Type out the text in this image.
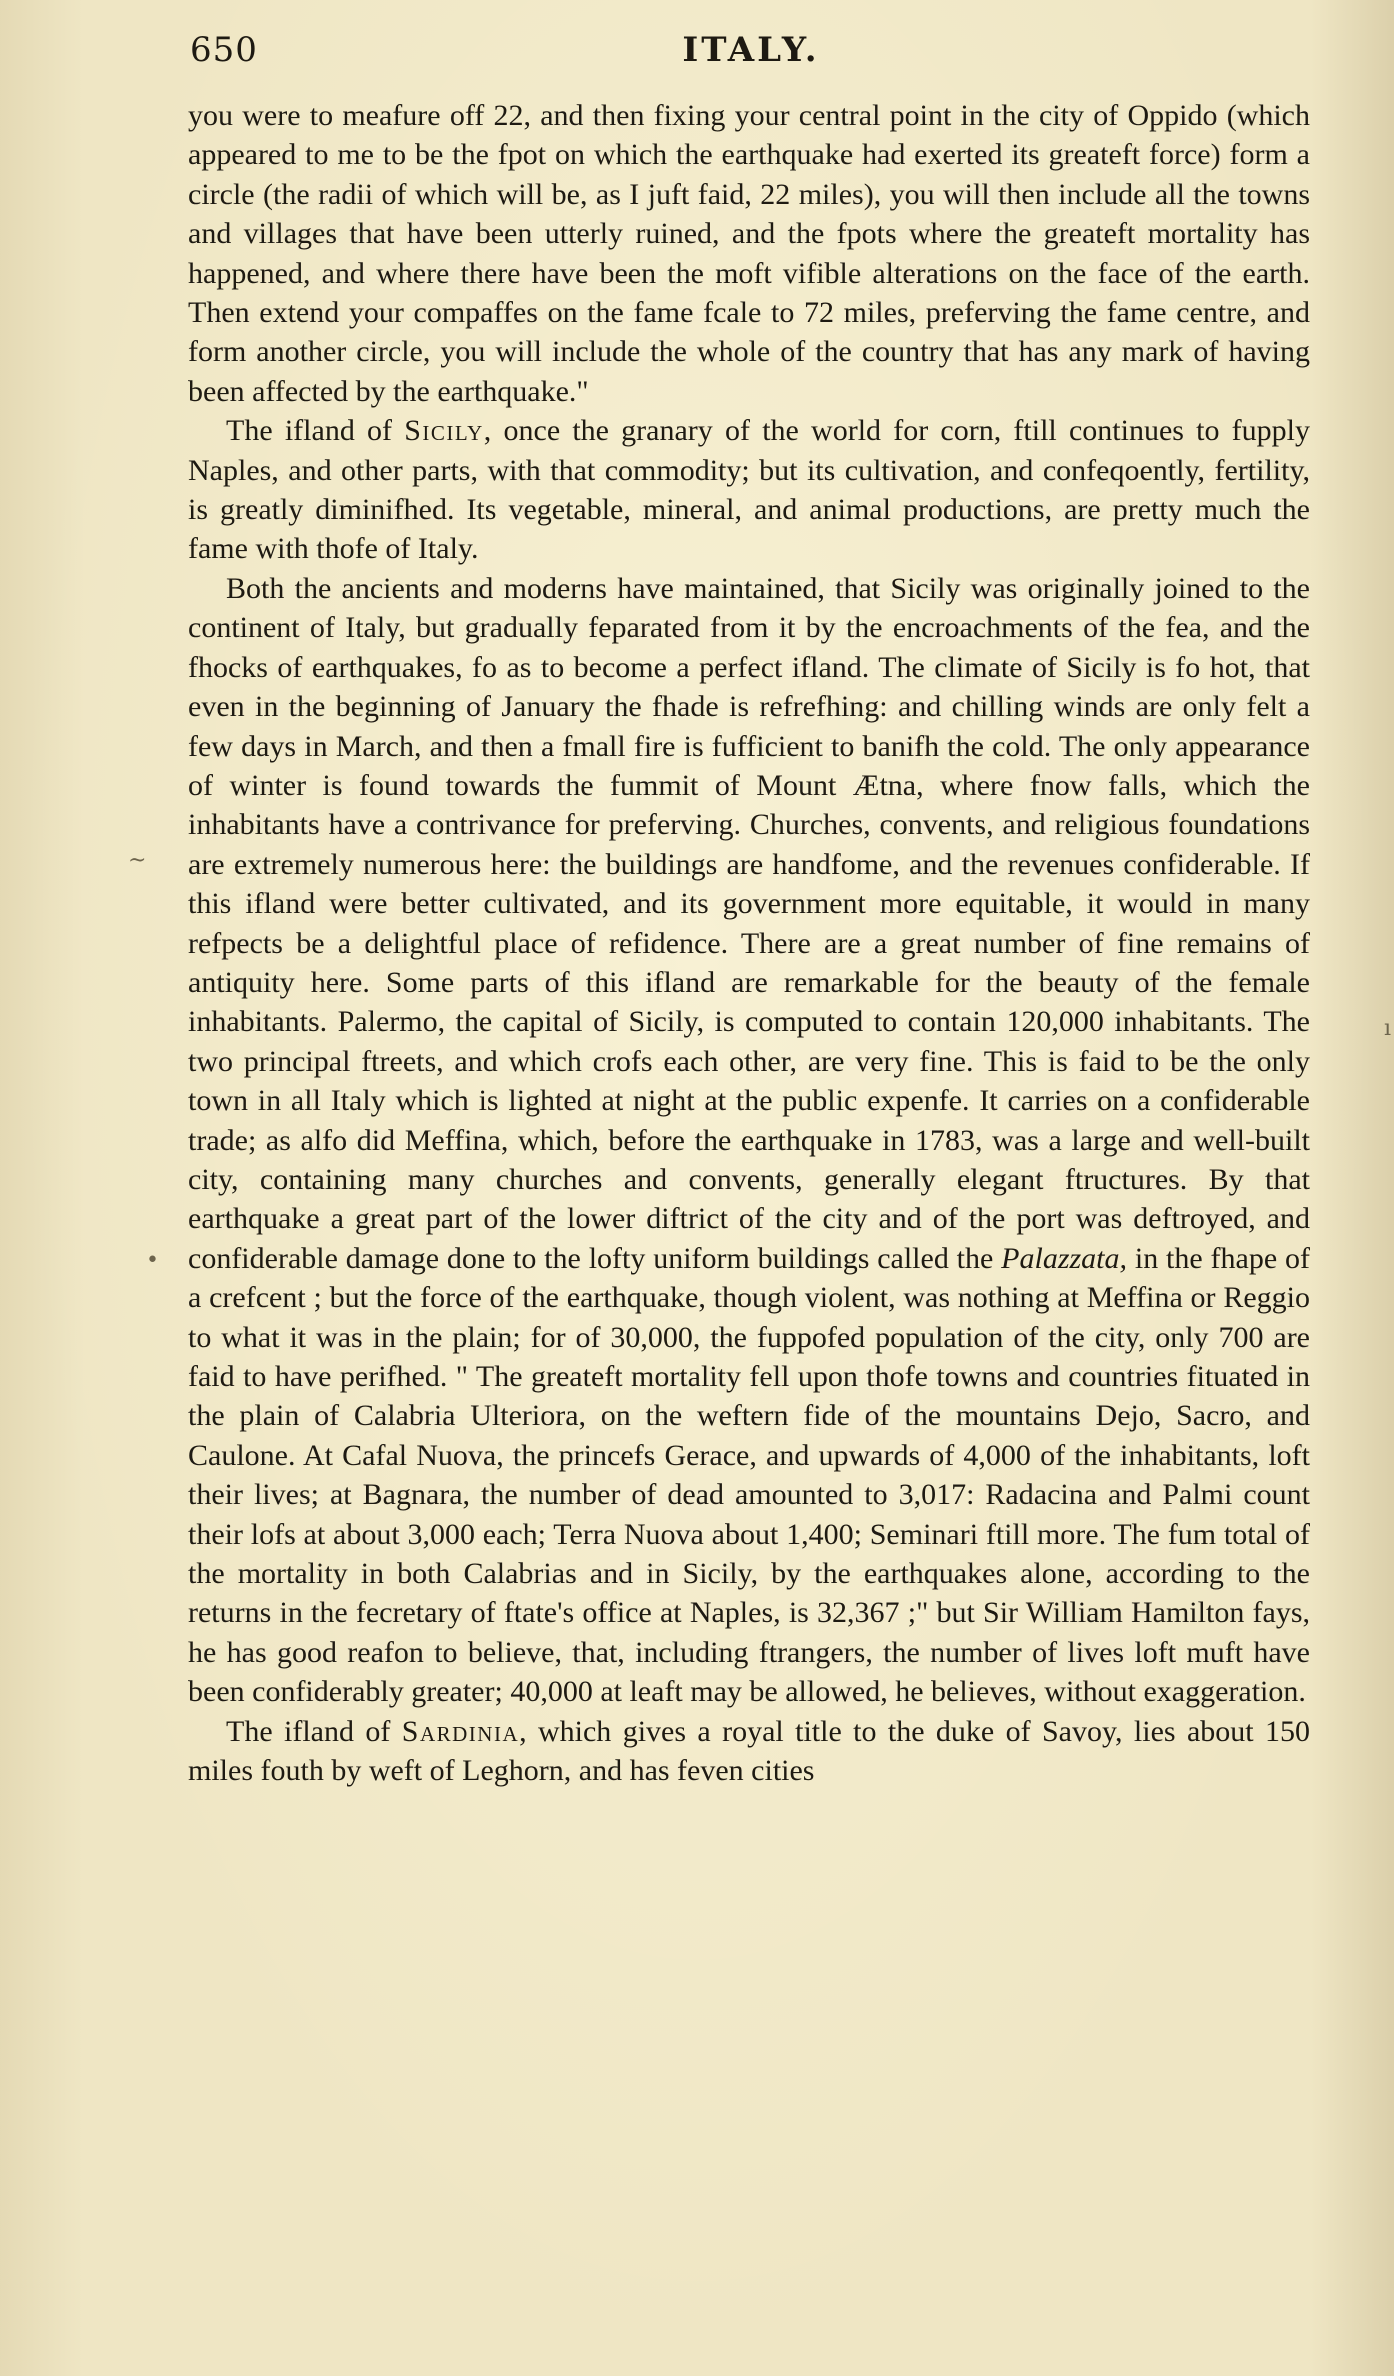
650	ITALY.

you were to meafure off 22, and then fixing your central point in the city of Oppido (which appeared to me to be the fpot on which the earthquake had exerted its greateft force) form a circle (the radii of which will be, as I juft faid, 22 miles), you will then include all the towns and villages that have been utterly ruined, and the fpots where the greateft mortality has happened, and where there have been the moft vifible alterations on the face of the earth. Then extend your compaffes on the fame fcale to 72 miles, preferving the fame centre, and form another circle, you will include the whole of the country that has any mark of having been affected by the earthquake."

The ifland of Sicily, once the granary of the world for corn, ftill continues to fupply Naples, and other parts, with that commodity; but its cultivation, and confeqoently, fertility, is greatly diminifhed. Its vegetable, mineral, and animal productions, are pretty much the fame with thofe of Italy.

Both the ancients and moderns have maintained, that Sicily was originally joined to the continent of Italy, but gradually feparated from it by the encroachments of the fea, and the fhocks of earthquakes, fo as to become a perfect ifland. The climate of Sicily is fo hot, that even in the beginning of January the fhade is refrefhing: and chilling winds are only felt a few days in March, and then a fmall fire is fufficient to banifh the cold. The only appearance of winter is found towards the fummit of Mount Ætna, where fnow falls, which the inhabitants have a contrivance for preferving. Churches, convents, and religious foundations are extremely numerous here: the buildings are handfome, and the revenues confiderable. If this ifland were better cultivated, and its government more equitable, it would in many refpects be a delightful place of refidence. There are a great number of fine remains of antiquity here. Some parts of this ifland are remarkable for the beauty of the female inhabitants. Palermo, the capital of Sicily, is computed to contain 120,000 inhabitants. The two principal ftreets, and which crofs each other, are very fine. This is faid to be the only town in all Italy which is lighted at night at the public expenfe. It carries on a confiderable trade; as alfo did Meffina, which, before the earthquake in 1783, was a large and well-built city, containing many churches and convents, generally elegant ftructures. By that earthquake a great part of the lower diftrict of the city and of the port was deftroyed, and confiderable damage done to the lofty uniform buildings called the Palazzata, in the fhape of a crefcent ; but the force of the earthquake, though violent, was nothing at Meffina or Reggio to what it was in the plain; for of 30,000, the fuppofed population of the city, only 700 are faid to have perifhed. " The greateft mortality fell upon thofe towns and countries fituated in the plain of Calabria Ulteriora, on the weftern fide of the mountains Dejo, Sacro, and Caulone. At Cafal Nuova, the princefs Gerace, and upwards of 4,000 of the inhabitants, loft their lives; at Bagnara, the number of dead amounted to 3,017: Radacina and Palmi count their lofs at about 3,000 each; Terra Nuova about 1,400; Seminari ftill more. The fum total of the mortality in both Calabrias and in Sicily, by the earthquakes alone, according to the returns in the fecretary of ftate's office at Naples, is 32,367 ;" but Sir William Hamilton fays, he has good reafon to believe, that, including ftrangers, the number of lives loft muft have been confiderably greater; 40,000 at leaft may be allowed, he believes, without exaggeration.

The ifland of Sardinia, which gives a royal title to the duke of Savoy, lies about 150 miles fouth by weft of Leghorn, and has feven cities

~
•
ı
